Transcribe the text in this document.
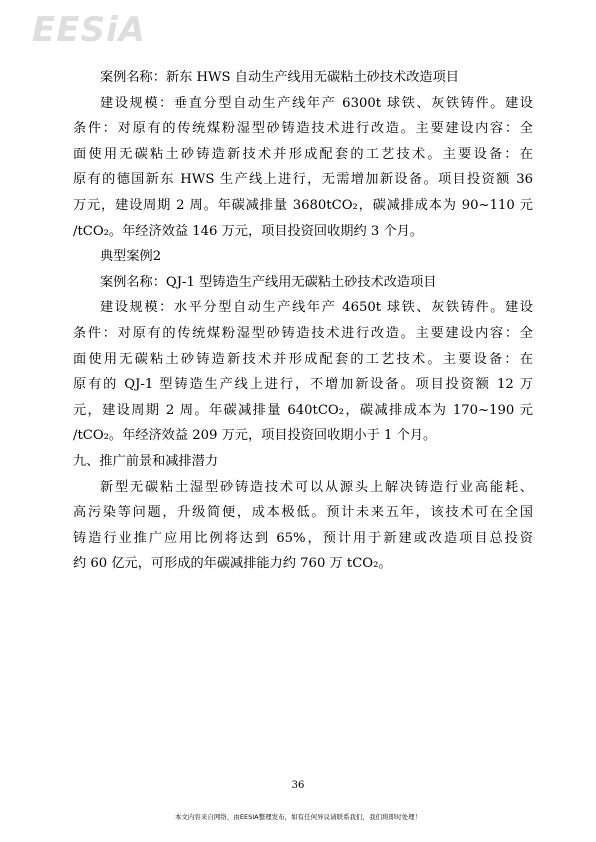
EESiA
案例名称：新东 HWS 自动生产线用无碳粘土砂技术改造项目
建设规模：垂直分型自动生产线年产 6300t 球铁、灰铁铸件。建设
条件：对原有的传统煤粉湿型砂铸造技术进行改造。主要建设内容：全
面使用无碳粘土砂铸造新技术并形成配套的工艺技术。主要设备：在
原有的德国新东 HWS 生产线上进行，无需增加新设备。项目投资额 36
万元，建设周期 2 周。年碳减排量 3680tCO₂，碳减排成本为 90~110 元
/tCO₂。年经济效益 146 万元，项目投资回收期约 3 个月。
典型案例2
案例名称：QJ-1 型铸造生产线用无碳粘土砂技术改造项目
建设规模：水平分型自动生产线年产 4650t 球铁、灰铁铸件。建设
条件：对原有的传统煤粉湿型砂铸造技术进行改造。主要建设内容：全
面使用无碳粘土砂铸造新技术并形成配套的工艺技术。主要设备：在
原有的 QJ-1 型铸造生产线上进行，不增加新设备。项目投资额 12 万
元，建设周期 2 周。年碳减排量 640tCO₂，碳减排成本为 170~190 元
/tCO₂。年经济效益 209 万元，项目投资回收期小于 1 个月。
九、推广前景和减排潜力
新型无碳粘土湿型砂铸造技术可以从源头上解决铸造行业高能耗、
高污染等问题，升级简便，成本极低。预计未来五年，该技术可在全国
铸造行业推广应用比例将达到 65%，预计用于新建或改造项目总投资
约 60 亿元，可形成的年碳减排能力约 760 万 tCO₂。
36
本文内容来自网络，由EESIA整理发布，如有任何异议请联系我们，我们将即时处理！
